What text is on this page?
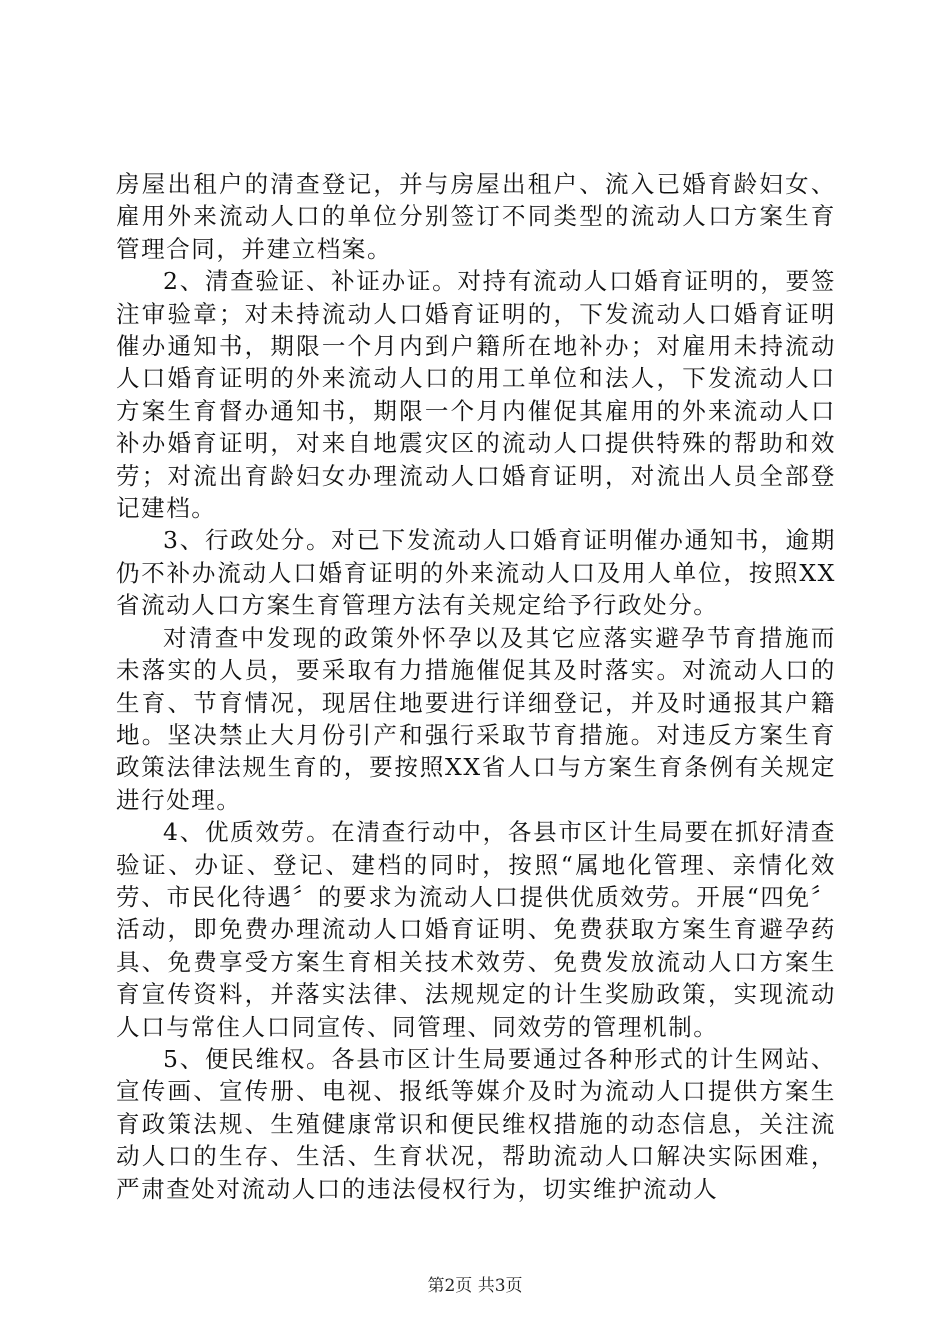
房屋出租户的清查登记，并与房屋出租户、流入已婚育龄妇女、雇用外来流动人口的单位分别签订不同类型的流动人口方案生育管理合同，并建立档案。

2、清查验证、补证办证。对持有流动人口婚育证明的，要签注审验章；对未持流动人口婚育证明的，下发流动人口婚育证明催办通知书，期限一个月内到户籍所在地补办；对雇用未持流动人口婚育证明的外来流动人口的用工单位和法人，下发流动人口方案生育督办通知书，期限一个月内催促其雇用的外来流动人口补办婚育证明，对来自地震灾区的流动人口提供特殊的帮助和效劳；对流出育龄妇女办理流动人口婚育证明，对流出人员全部登记建档。

3、行政处分。对已下发流动人口婚育证明催办通知书，逾期仍不补办流动人口婚育证明的外来流动人口及用人单位，按照XX省流动人口方案生育管理方法有关规定给予行政处分。

对清查中发现的政策外怀孕以及其它应落实避孕节育措施而未落实的人员，要采取有力措施催促其及时落实。对流动人口的生育、节育情况，现居住地要进行详细登记，并及时通报其户籍地。坚决禁止大月份引产和强行采取节育措施。对违反方案生育政策法律法规生育的，要按照XX省人口与方案生育条例有关规定进行处理。

4、优质效劳。在清查行动中，各县市区计生局要在抓好清查验证、办证、登记、建档的同时，按照“属地化管理、亲情化效劳、市民化待遇〞的要求为流动人口提供优质效劳。开展“四免〞活动，即免费办理流动人口婚育证明、免费获取方案生育避孕药具、免费享受方案生育相关技术效劳、免费发放流动人口方案生育宣传资料，并落实法律、法规规定的计生奖励政策，实现流动人口与常住人口同宣传、同管理、同效劳的管理机制。

5、便民维权。各县市区计生局要通过各种形式的计生网站、宣传画、宣传册、电视、报纸等媒介及时为流动人口提供方案生育政策法规、生殖健康常识和便民维权措施的动态信息，关注流动人口的生存、生活、生育状况，帮助流动人口解决实际困难，严肃查处对流动人口的违法侵权行为，切实维护流动人

第2页 共3页
